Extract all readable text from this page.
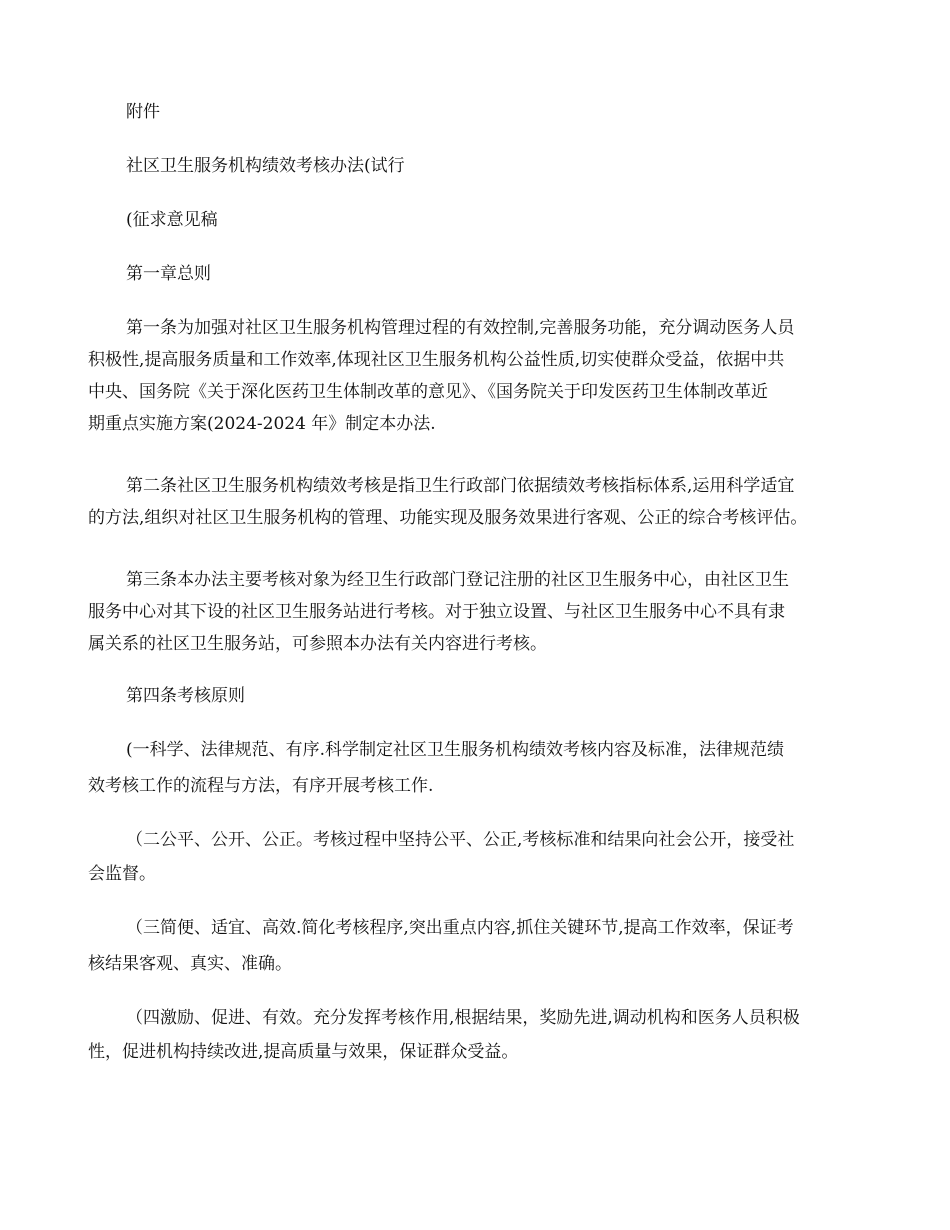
附件
社区卫生服务机构绩效考核办法(试行
(征求意见稿
第一章总则
第一条为加强对社区卫生服务机构管理过程的有效控制,完善服务功能，充分调动医务人员
积极性,提高服务质量和工作效率,体现社区卫生服务机构公益性质,切实使群众受益，依据中共
中央、国务院《关于深化医药卫生体制改革的意见》、《国务院关于印发医药卫生体制改革近
期重点实施方案(2024-2024 年》制定本办法.
第二条社区卫生服务机构绩效考核是指卫生行政部门依据绩效考核指标体系,运用科学适宜
的方法,组织对社区卫生服务机构的管理、功能实现及服务效果进行客观、公正的综合考核评估。
第三条本办法主要考核对象为经卫生行政部门登记注册的社区卫生服务中心，由社区卫生
服务中心对其下设的社区卫生服务站进行考核。对于独立设置、与社区卫生服务中心不具有隶
属关系的社区卫生服务站，可参照本办法有关内容进行考核。
第四条考核原则
(一科学、法律规范、有序.科学制定社区卫生服务机构绩效考核内容及标准，法律规范绩
效考核工作的流程与方法，有序开展考核工作.
（二公平、公开、公正。考核过程中坚持公平、公正,考核标准和结果向社会公开，接受社
会监督。
（三简便、适宜、高效.简化考核程序,突出重点内容,抓住关键环节,提高工作效率，保证考
核结果客观、真实、准确。
（四激励、促进、有效。充分发挥考核作用,根据结果，奖励先进,调动机构和医务人员积极
性，促进机构持续改进,提高质量与效果，保证群众受益。
